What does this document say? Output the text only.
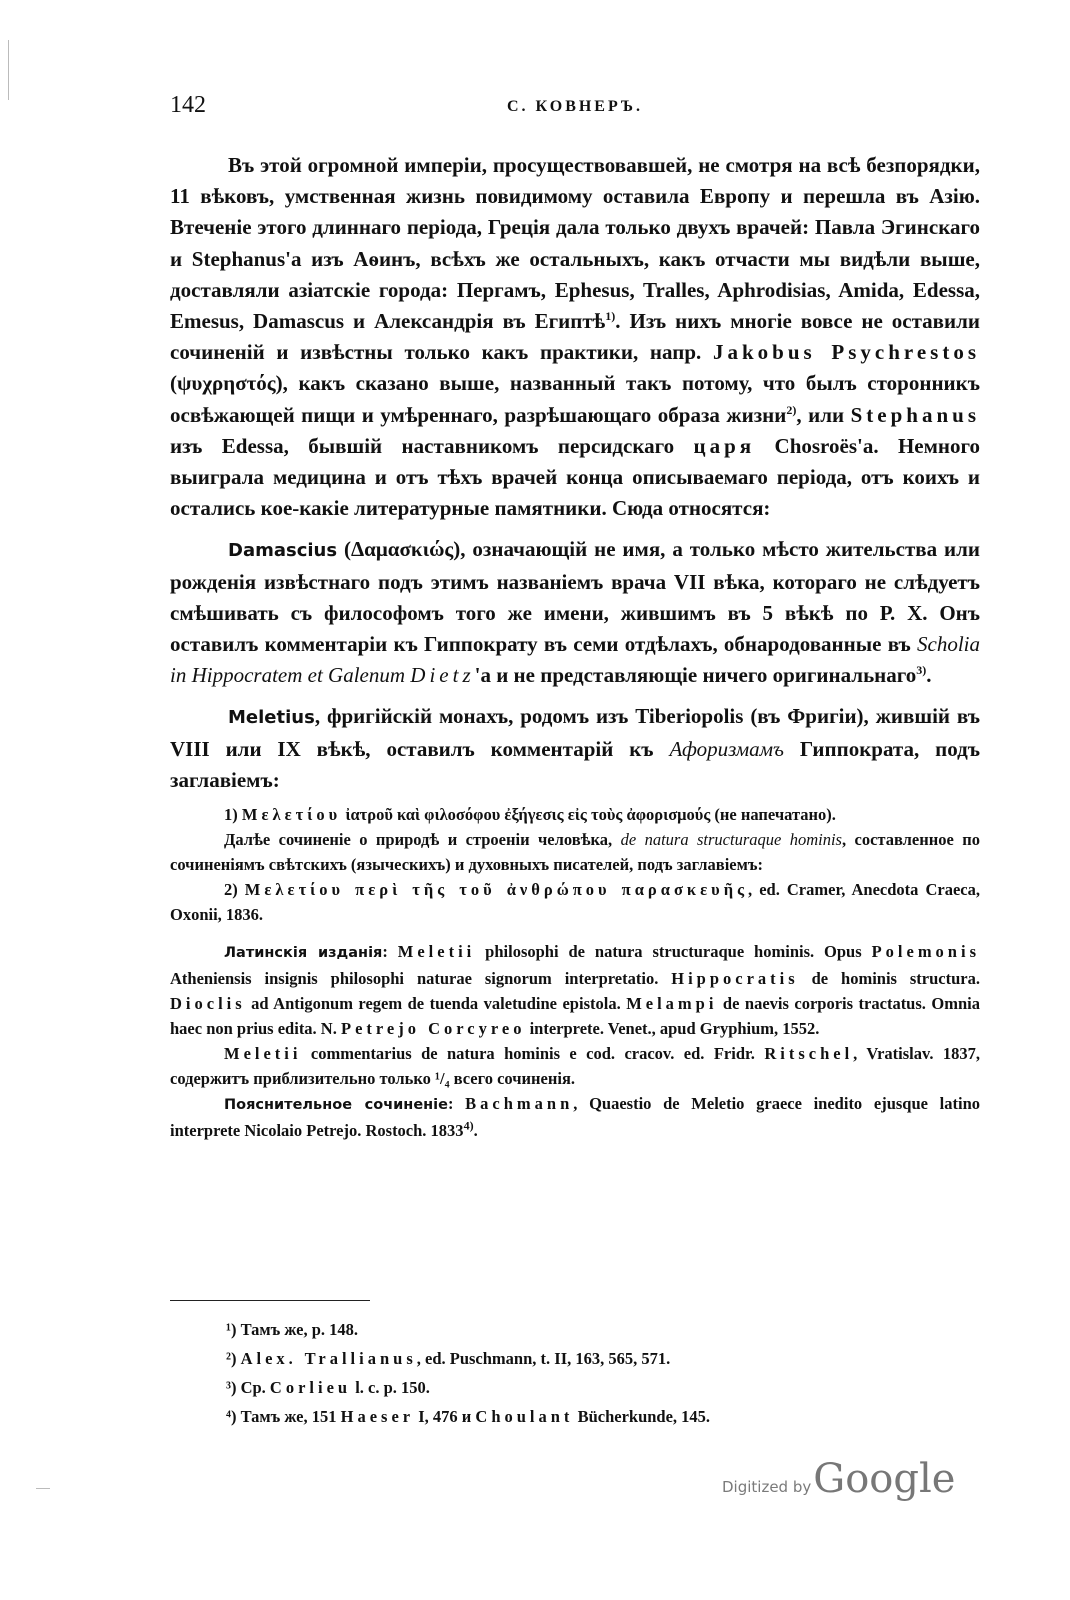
142	С. КОВНЕРЪ.

Въ этой огромной имперіи, просуществовавшей, не смотря на всѣ безпорядки, 11 вѣковъ, умственная жизнь повидимому оставила Европу и перешла въ Азію. Втеченіе этого длиннаго періода, Греція дала только двухъ врачей: Павла Эгинскаго и Stephanus'а изъ Аѳинъ, всѣхъ же остальныхъ, какъ отчасти мы видѣли выше, доставляли азіатскіе города: Пергамъ, Ephesus, Tralles, Aphrodisias, Amida, Edessa, Emesus, Damascus и Александрія въ Египтѣ$^{1)}$. Изъ нихъ многіе вовсе не оставили сочиненій и извѣстны только какъ практики, напр. Jakobus Psychrestos (ψυχρηστός), какъ сказано выше, названный такъ потому, что былъ сторонникъ освѣжающей пищи и умѣреннаго, разрѣшающаго образа жизни$^{2)}$, или Stephanus изъ Edessa, бывшій наставникомъ персидскаго царя Chosroës'а. Немного выиграла медицина и отъ тѣхъ врачей конца описываемаго періода, отъ коихъ и остались кое-какіе литературные памятники. Сюда относятся:

Damascius (Δαμασκιώς), означающій не имя, а только мѣсто жительства или рожденія извѣстнаго подъ этимъ названіемъ врача VII вѣка, котораго не слѣдуетъ смѣшивать съ философомъ того же имени, жившимъ въ 5 вѣкѣ по Р. Х. Онъ оставилъ комментаріи къ Гиппократу въ семи отдѣлахъ, обнародованные въ Scholia in Hippocratem et Galenum Dietz'а и не представляющіе ничего оригинальнаго$^{3)}$.

Meletius, фригійскій монахъ, родомъ изъ Tiberiopolis (въ Фригіи), жившій въ VIII или IX вѣкѣ, оставилъ комментарій къ Афоризмамъ Гиппократа, подъ заглавіемъ:

1) Μελετίου ἰατροῦ καὶ φιλοσόφου ἐξήγεσις εἰς τοὺς ἀφορισμούς (не напечатано).

Далѣе сочиненіе о природѣ и строеніи человѣка, de natura structuraque hominis, составленное по сочиненіямъ свѣтскихъ (языческихъ) и духовныхъ писателей, подъ заглавіемъ:

2) Μελετίου περὶ τῆς τοῦ ἀνθρώπου παρασκευῆς, ed. Cramer, Anecdota Craeca, Oxonii, 1836.

Латинскія изданія: Meletii philosophi de natura structuraque hominis. Opus Polemonis Atheniensis insignis philosophi naturae signorum interpretatio. Hippocratis de hominis structura. Dioclis ad Antigonum regem de tuenda valetudine epistola. Melampi de naevis corporis tractatus. Omnia haec non prius edita. N. Petrejo Corcyreo interprete. Venet., apud Gryphium, 1552.

Meletii commentarius de natura hominis e cod. cracov. ed. Fridr. Ritschel, Vratislav. 1837, содержитъ приблизительно только ¹/₄ всего сочиненія.

Пояснительное сочиненіе: Bachmann, Quaestio de Meletio graece inedito ejusque latino interprete Nicolaio Petrejo. Rostoch. 1833$^{4)}$.

¹) Тамъ же, p. 148.

²) Alex. Trallianus, ed. Puschmann, t. II, 163, 565, 571.

³) Cp. Corlieu l. c. p. 150.

⁴) Тамъ же, 151 Haeser I, 476 и Choulant Bücherkunde, 145.

Digitized by Google
